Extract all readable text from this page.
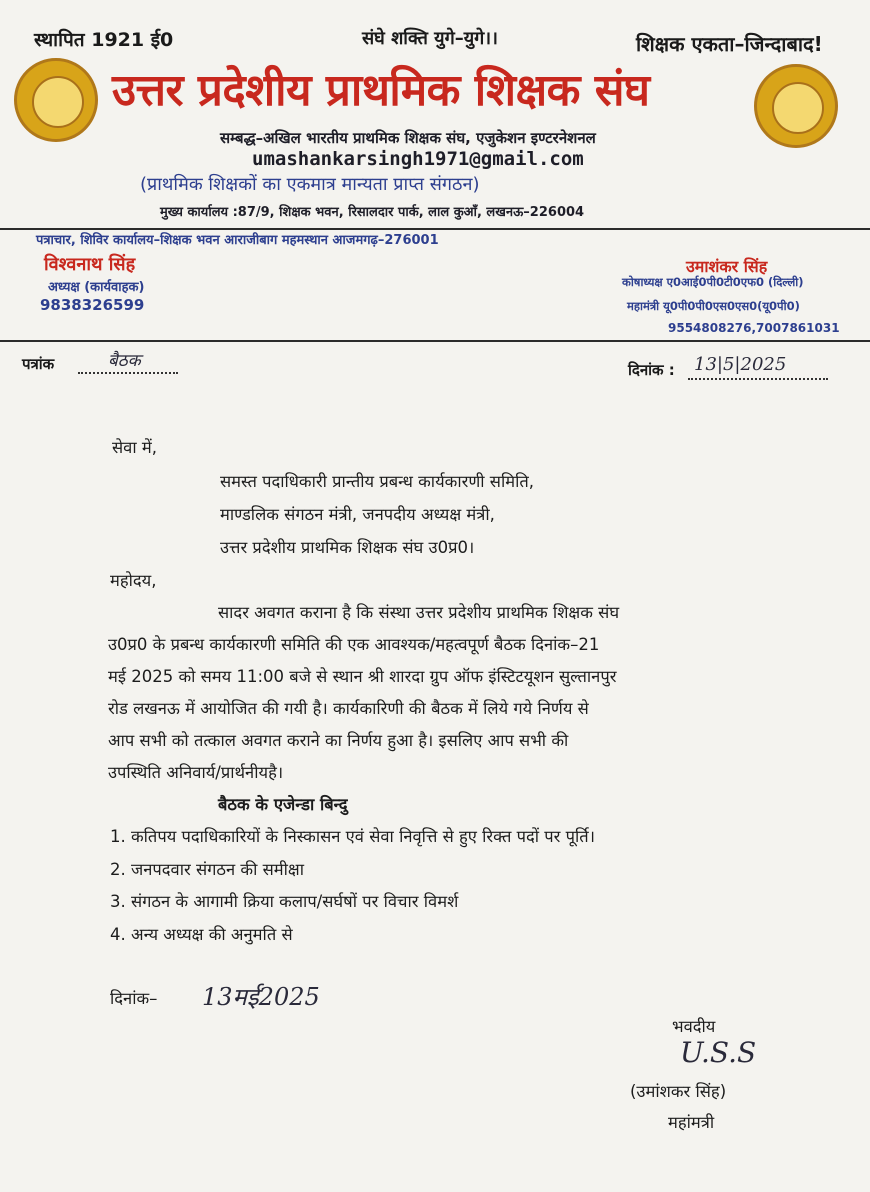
स्थापित 1921 ई0	संघे शक्ति युगे–युगे।।	शिक्षक एकता–जिन्दाबाद!
उत्तर प्रदेशीय प्राथमिक शिक्षक संघ
सम्बद्ध–अखिल भारतीय प्राथमिक शिक्षक संघ, एजुकेशन इण्टरनेशनल
umashankarsingh1971@gmail.com
(प्राथमिक शिक्षकों का एकमात्र मान्यता प्राप्त संगठन)
मुख्य कार्यालय :87/9, शिक्षक भवन, रिसालदार पार्क, लाल कुआँ, लखनऊ–226004
पत्राचार, शिविर कार्यालय–शिक्षक भवन आराजीबाग महमस्थान आजमगढ़–276001
विश्वनाथ सिंह
अध्यक्ष (कार्यवाहक)
9838326599
उमाशंकर सिंह
कोषाध्यक्ष ए0आई0पी0टी0एफ0 (दिल्ली)
महामंत्री यू0पी0पी0एस0एस0(यू0पी0)
9554808276,7007861031
पत्रांक	बैठक	दिनांक : 13|5|2025
सेवा में,
समस्त पदाधिकारी प्रान्तीय प्रबन्ध कार्यकारणी समिति,
माण्डलिक संगठन मंत्री, जनपदीय अध्यक्ष मंत्री,
उत्तर प्रदेशीय प्राथमिक शिक्षक संघ उ0प्र0।
महोदय,
सादर अवगत कराना है कि संस्था उत्तर प्रदेशीय प्राथमिक शिक्षक संघ
उ0प्र0 के प्रबन्ध कार्यकारणी समिति की एक आवश्यक/महत्वपूर्ण बैठक दिनांक–21
मई 2025 को समय 11:00 बजे से स्थान श्री शारदा ग्रुप ऑफ इंस्टिटयूशन सुल्तानपुर
रोड लखनऊ में आयोजित की गयी है। कार्यकारिणी की बैठक में लिये गये निर्णय से
आप सभी को तत्काल अवगत कराने का निर्णय हुआ है। इसलिए आप सभी की
उपस्थिति अनिवार्य/प्रार्थनीयहै।
बैठक के एजेन्डा बिन्दु
1. कतिपय पदाधिकारियों के निस्कासन एवं सेवा निवृत्ति से हुए रिक्त पदों पर पूर्ति।
2. जनपदवार संगठन की समीक्षा
3. संगठन के आगामी क्रिया कलाप/सर्घषों पर विचार विमर्श
4. अन्य अध्यक्ष की अनुमति से
दिनांक– 13मई2025
भवदीय
U.S.S
(उमांशकर सिंह)
महांमत्री
